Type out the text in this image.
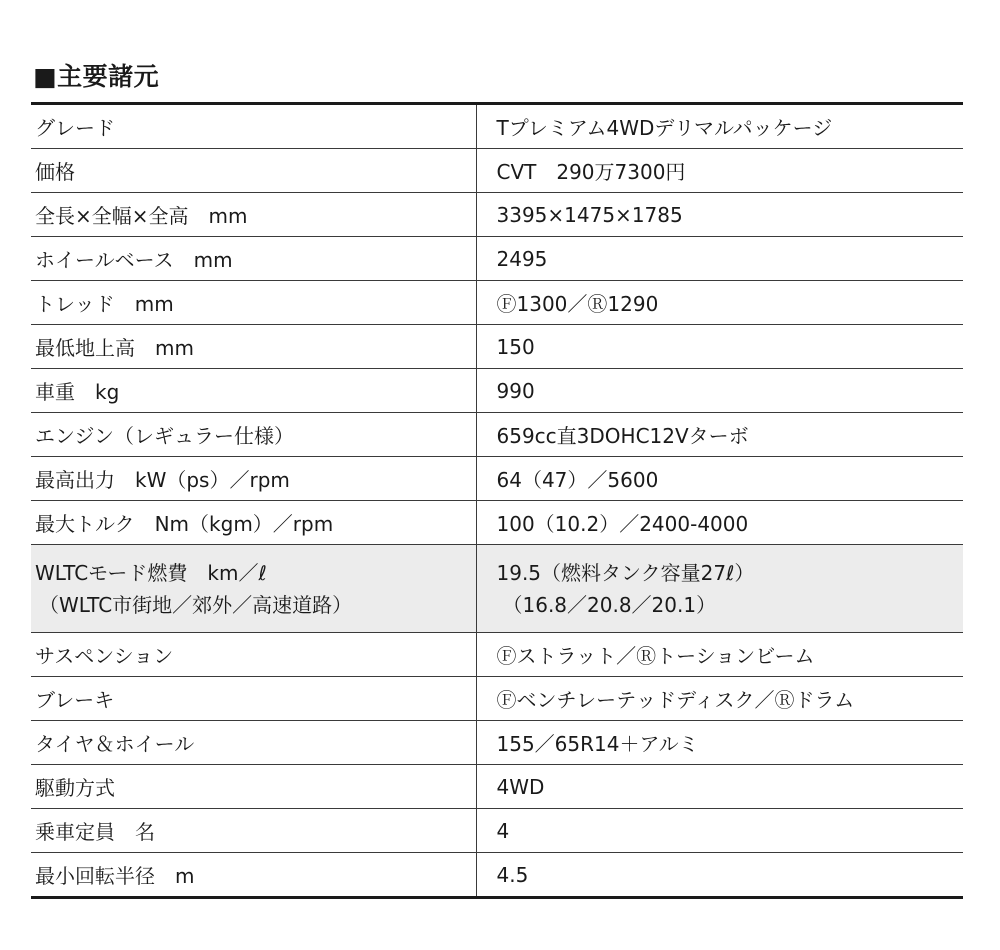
■主要諸元
グレード	Tプレミアム4WDデリマルパッケージ
価格	CVT　290万7300円
全長×全幅×全高　mm	3395×1475×1785
ホイールベース　mm	2495
トレッド　mm	Ⓕ1300／Ⓡ1290
最低地上高　mm	150
車重　kg	990
エンジン（レギュラー仕様）	659cc直3DOHC12Vターボ
最高出力　kW（ps）／rpm	64（47）／5600
最大トルク　Nm（kgm）／rpm	100（10.2）／2400-4000

WLTCモード燃費　km／ℓ
（WLTC市街地／郊外／高速道路）	19.5（燃料タンク容量27ℓ）
（16.8／20.8／20.1）

サスペンション	Ⓕストラット／Ⓡトーションビーム
ブレーキ	Ⓕベンチレーテッドディスク／Ⓡドラム
タイヤ＆ホイール	155／65R14＋アルミ
駆動方式	4WD
乗車定員　名	4
最小回転半径　m	4.5
